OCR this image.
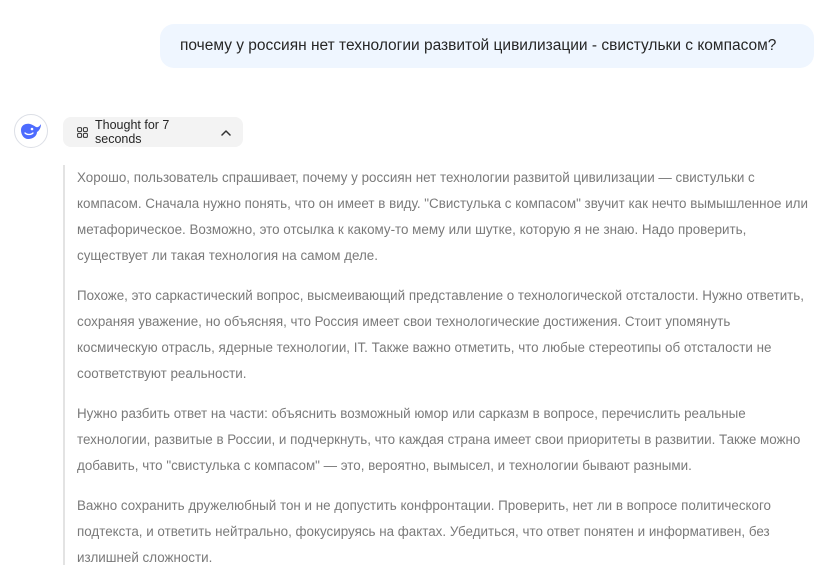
почему у россиян нет технологии развитой цивилизации - свистульки с компасом?
Thought for 7 seconds

Хорошо, пользователь спрашивает, почему у россиян нет технологии развитой цивилизации — свистульки с компасом. Сначала нужно понять, что он имеет в виду. "Свистулька с компасом" звучит как нечто вымышленное или метафорическое. Возможно, это отсылка к какому-то мему или шутке, которую я не знаю. Надо проверить, существует ли такая технология на самом деле.

Похоже, это саркастический вопрос, высмеивающий представление о технологической отсталости. Нужно ответить, сохраняя уважение, но объясняя, что Россия имеет свои технологические достижения. Стоит упомянуть космическую отрасль, ядерные технологии, IT. Также важно отметить, что любые стереотипы об отсталости не соответствуют реальности.

Нужно разбить ответ на части: объяснить возможный юмор или сарказм в вопросе, перечислить реальные технологии, развитые в России, и подчеркнуть, что каждая страна имеет свои приоритеты в развитии. Также можно добавить, что "свистулька с компасом" — это, вероятно, вымысел, и технологии бывают разными.

Важно сохранить дружелюбный тон и не допустить конфронтации. Проверить, нет ли в вопросе политического подтекста, и ответить нейтрально, фокусируясь на фактах. Убедиться, что ответ понятен и информативен, без излишней сложности.
